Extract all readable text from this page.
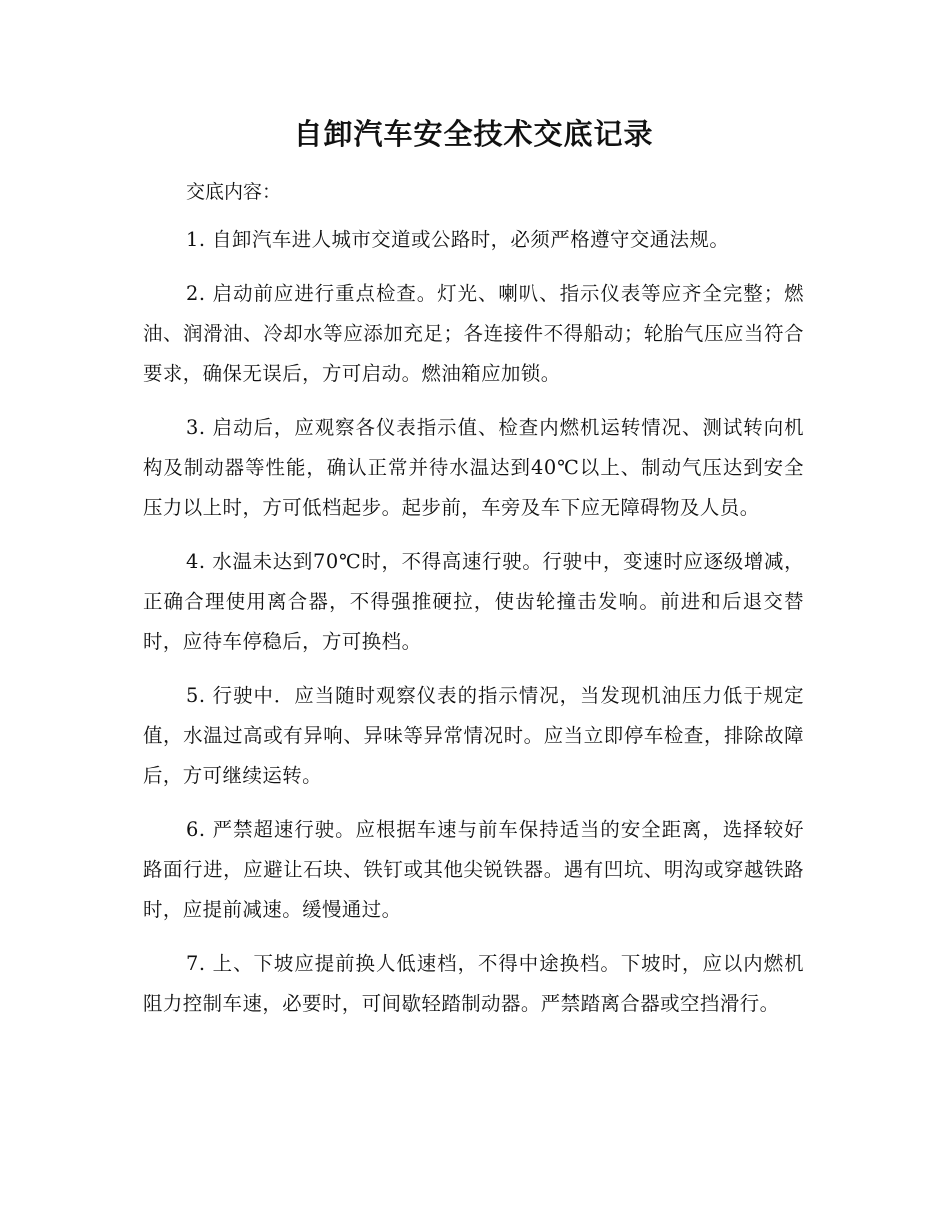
自卸汽车安全技术交底记录

交底内容：

1. 自卸汽车进人城市交道或公路时，必须严格遵守交通法规。

2. 启动前应进行重点检查。灯光、喇叭、指示仪表等应齐全完整；燃油、润滑油、冷却水等应添加充足；各连接件不得船动；轮胎气压应当符合要求，确保无误后，方可启动。燃油箱应加锁。

3. 启动后，应观察各仪表指示值、检查内燃机运转情况、测试转向机构及制动器等性能，确认正常并待水温达到40℃以上、制动气压达到安全压力以上时，方可低档起步。起步前，车旁及车下应无障碍物及人员。

4. 水温未达到70℃时，不得高速行驶。行驶中，变速时应逐级增减，正确合理使用离合器，不得强推硬拉，使齿轮撞击发响。前进和后退交替时，应待车停稳后，方可换档。

5. 行驶中．应当随时观察仪表的指示情况，当发现机油压力低于规定值，水温过高或有异响、异味等异常情况时。应当立即停车检查，排除故障后，方可继续运转。

6. 严禁超速行驶。应根据车速与前车保持适当的安全距离，选择较好路面行进，应避让石块、铁钉或其他尖锐铁器。遇有凹坑、明沟或穿越铁路时，应提前减速。缓慢通过。

7. 上、下坡应提前换人低速档，不得中途换档。下坡时，应以内燃机阻力控制车速，必要时，可间歇轻踏制动器。严禁踏离合器或空挡滑行。
